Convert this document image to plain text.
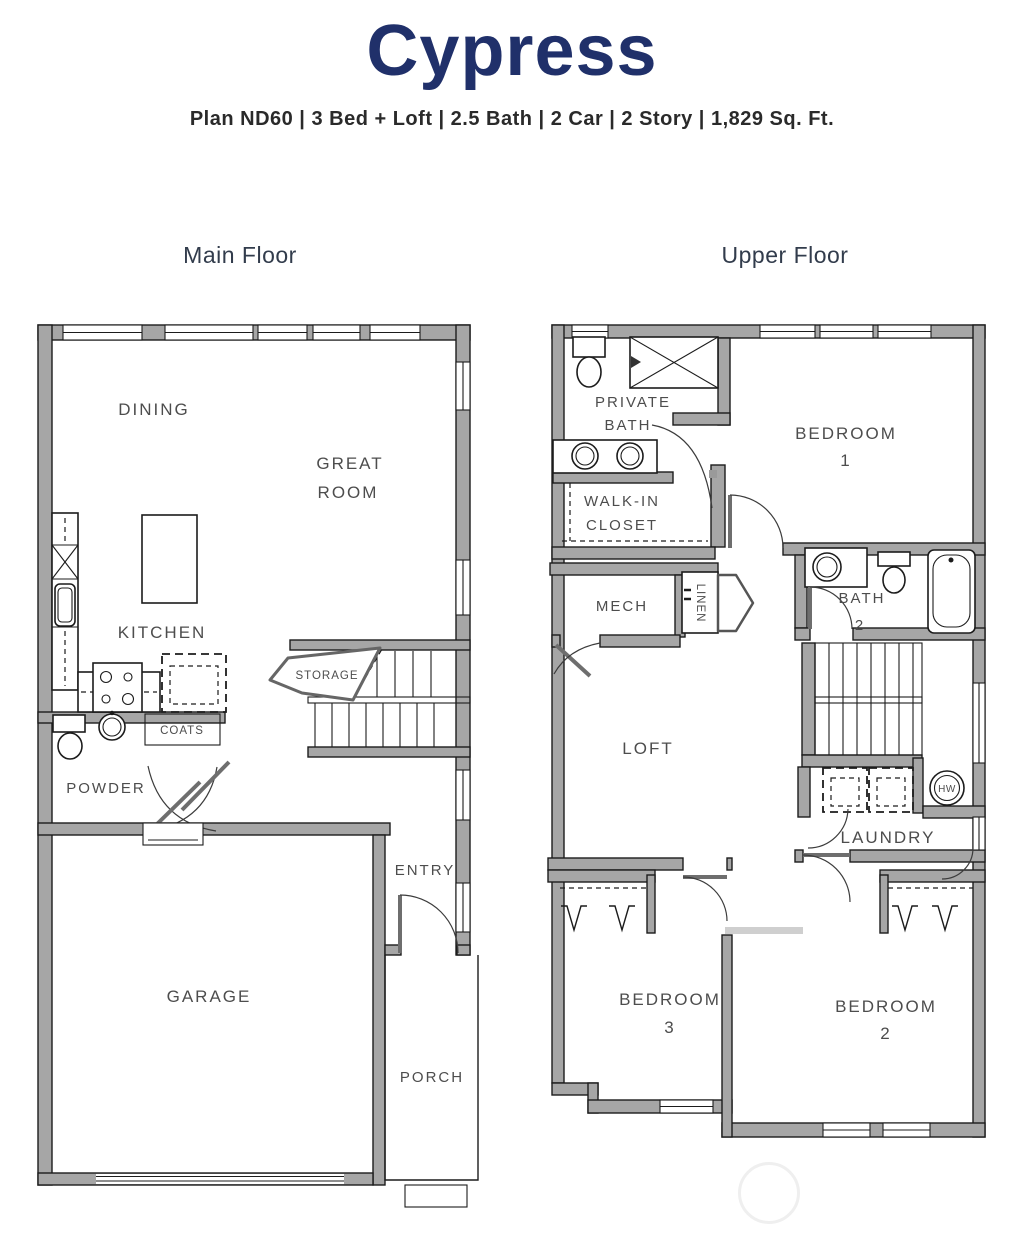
Cypress
Plan ND60 | 3 Bed + Loft | 2.5 Bath | 2 Car | 2 Story | 1,829 Sq. Ft.
Main Floor	Upper Floor
DINING
GREAT
ROOM
KITCHEN
STORAGE
COATS
POWDER
GARAGE
ENTRY
PORCH
PRIVATE
BATH	BEDROOM
1
WALK-IN
CLOSET
MECH	LINEN	BATH
2
LOFT
LAUNDRY
HW
BEDROOM
3
BEDROOM
2
